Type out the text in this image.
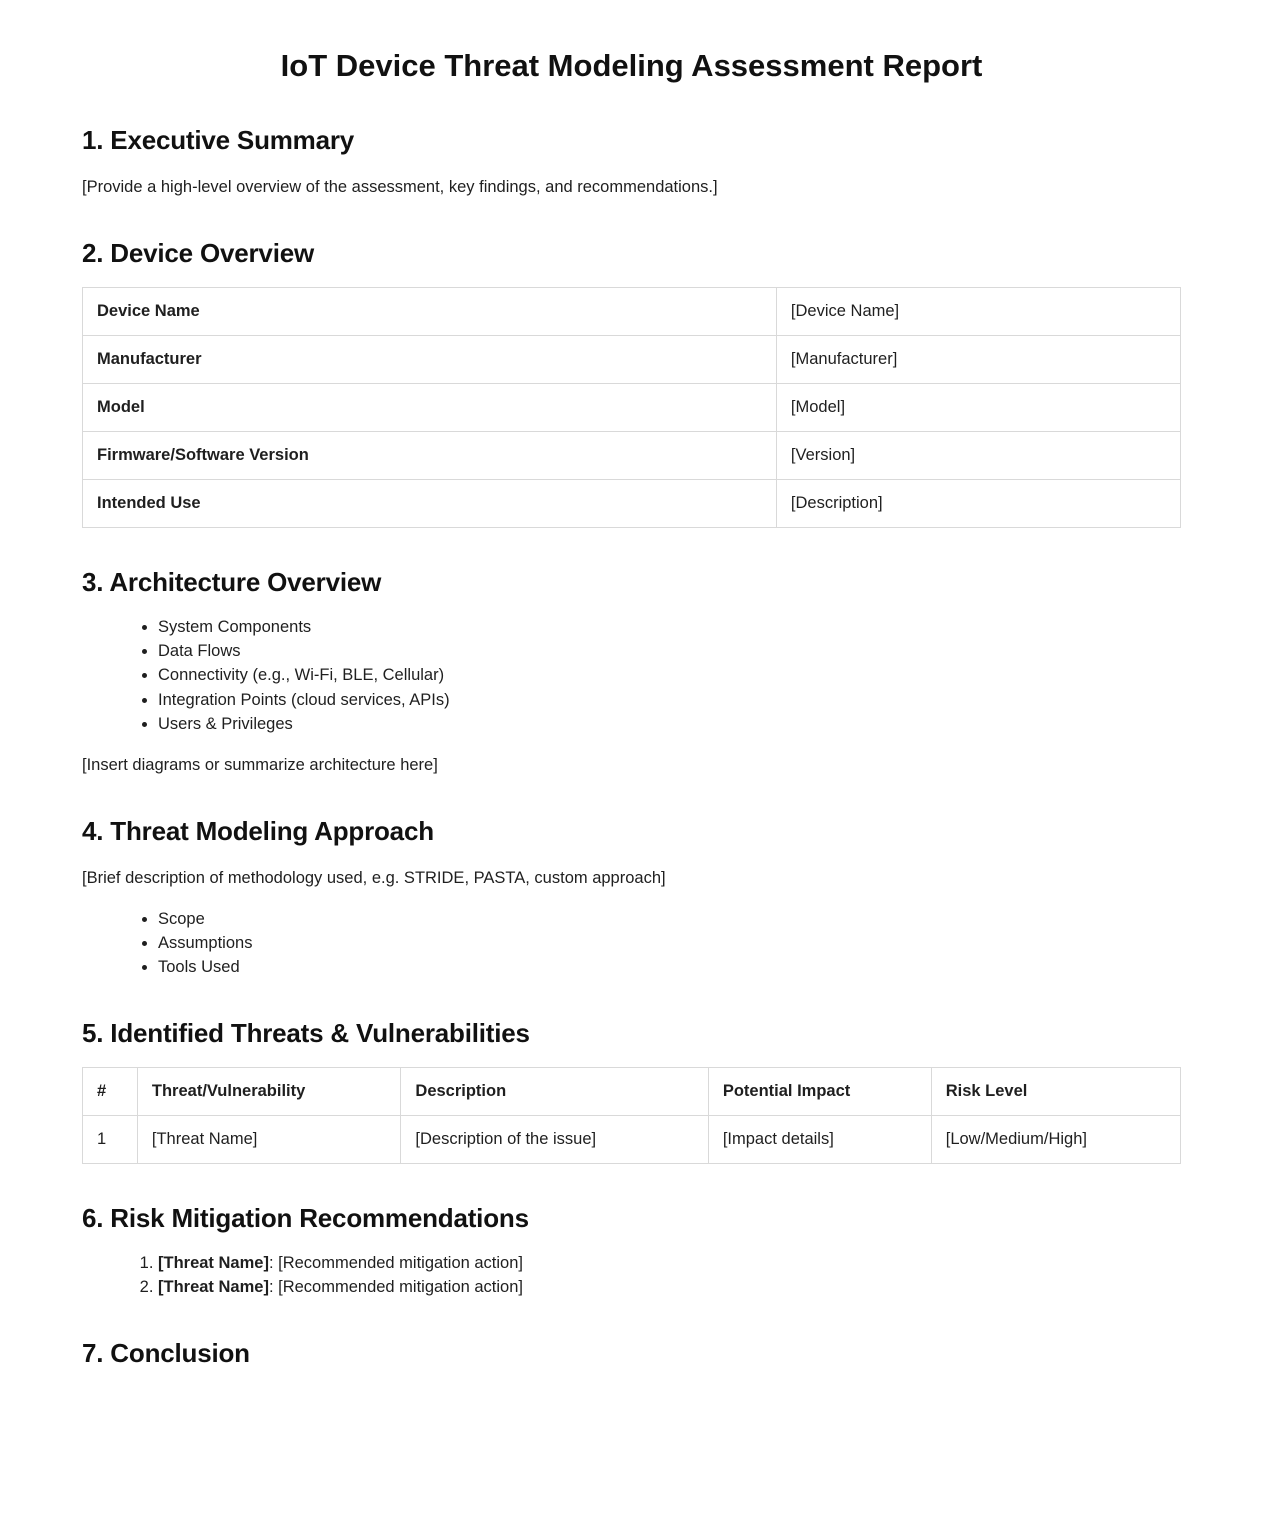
IoT Device Threat Modeling Assessment Report
1. Executive Summary

[Provide a high-level overview of the assessment, key findings, and recommendations.]

2. Device Overview
Device Name	[Device Name]
Manufacturer	[Manufacturer]
Model	[Model]
Firmware/Software Version	[Version]
Intended Use	[Description]
3. Architecture Overview
• System Components
• Data Flows
• Connectivity (e.g., Wi-Fi, BLE, Cellular)
• Integration Points (cloud services, APIs)
• Users & Privileges

[Insert diagrams or summarize architecture here]

4. Threat Modeling Approach

[Brief description of methodology used, e.g. STRIDE, PASTA, custom approach]

• Scope
• Assumptions
• Tools Used
5. Identified Threats & Vulnerabilities
#	Threat/Vulnerability	Description	Potential Impact	Risk Level
1	[Threat Name]	[Description of the issue]	[Impact details]	[Low/Medium/High]
6. Risk Mitigation Recommendations
1. [Threat Name]: [Recommended mitigation action]
2. [Threat Name]: [Recommended mitigation action]
7. Conclusion
